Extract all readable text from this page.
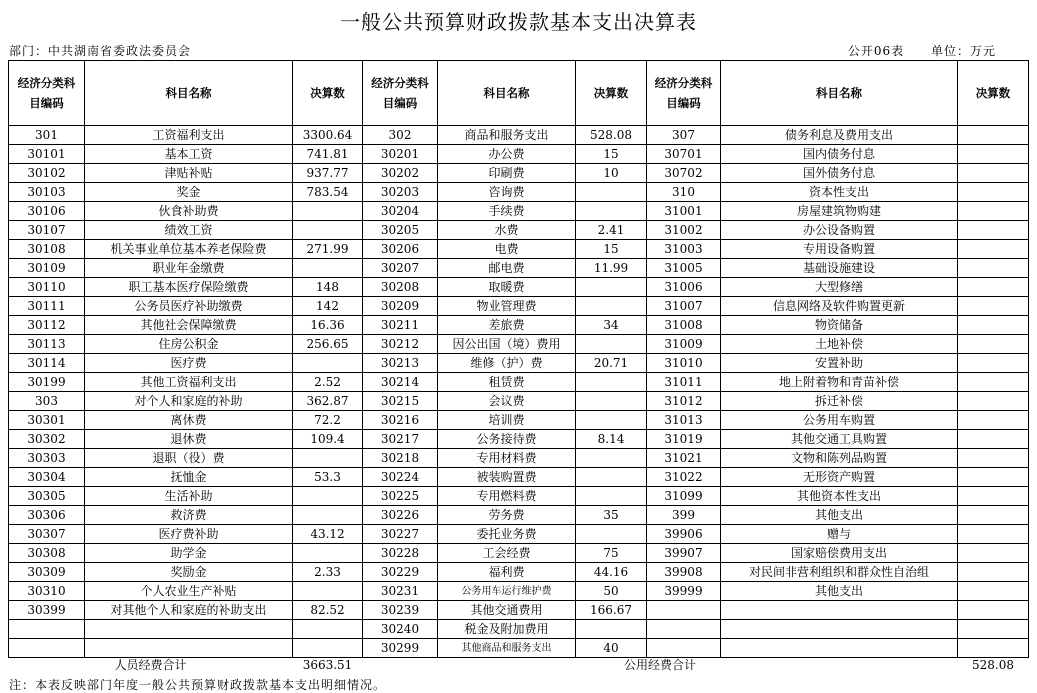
一般公共预算财政拨款基本支出决算表
部门：中共湖南省委政法委员会	公开06表 单位：万元
经济分类科目编码	科目名称	决算数	经济分类科目编码	科目名称	决算数	经济分类科目编码	科目名称	决算数
301	工资福利支出	3300.64	302	商品和服务支出	528.08	307	债务利息及费用支出	
30101	基本工资	741.81	30201	办公费	15	30701	国内债务付息	
30102	津贴补贴	937.77	30202	印刷费	10	30702	国外债务付息	
30103	奖金	783.54	30203	咨询费		310	资本性支出	
30106	伙食补助费		30204	手续费		31001	房屋建筑物购建	
30107	绩效工资		30205	水费	2.41	31002	办公设备购置	
30108	机关事业单位基本养老保险费	271.99	30206	电费	15	31003	专用设备购置	
30109	职业年金缴费		30207	邮电费	11.99	31005	基础设施建设	
30110	职工基本医疗保险缴费	148	30208	取暖费		31006	大型修缮	
30111	公务员医疗补助缴费	142	30209	物业管理费		31007	信息网络及软件购置更新	
30112	其他社会保障缴费	16.36	30211	差旅费	34	31008	物资储备	
30113	住房公积金	256.65	30212	因公出国（境）费用		31009	土地补偿	
30114	医疗费		30213	维修（护）费	20.71	31010	安置补助	
30199	其他工资福利支出	2.52	30214	租赁费		31011	地上附着物和青苗补偿	
303	对个人和家庭的补助	362.87	30215	会议费		31012	拆迁补偿	
30301	离休费	72.2	30216	培训费		31013	公务用车购置	
30302	退休费	109.4	30217	公务接待费	8.14	31019	其他交通工具购置	
30303	退职（役）费		30218	专用材料费		31021	文物和陈列品购置	
30304	抚恤金	53.3	30224	被装购置费		31022	无形资产购置	
30305	生活补助		30225	专用燃料费		31099	其他资本性支出	
30306	救济费		30226	劳务费	35	399	其他支出	
30307	医疗费补助	43.12	30227	委托业务费		39906	赠与	
30308	助学金		30228	工会经费	75	39907	国家赔偿费用支出	
30309	奖励金	2.33	30229	福利费	44.16	39908	对民间非营利组织和群众性自治组	
30310	个人农业生产补贴		30231	公务用车运行维护费	50	39999	其他支出	
30399	对其他个人和家庭的补助支出	82.52	30239	其他交通费用	166.67			
			30240	税金及附加费用				
			30299	其他商品和服务支出	40			
人员经费合计		3663.51	公用经费合计					528.08
注：本表反映部门年度一般公共预算财政拨款基本支出明细情况。
